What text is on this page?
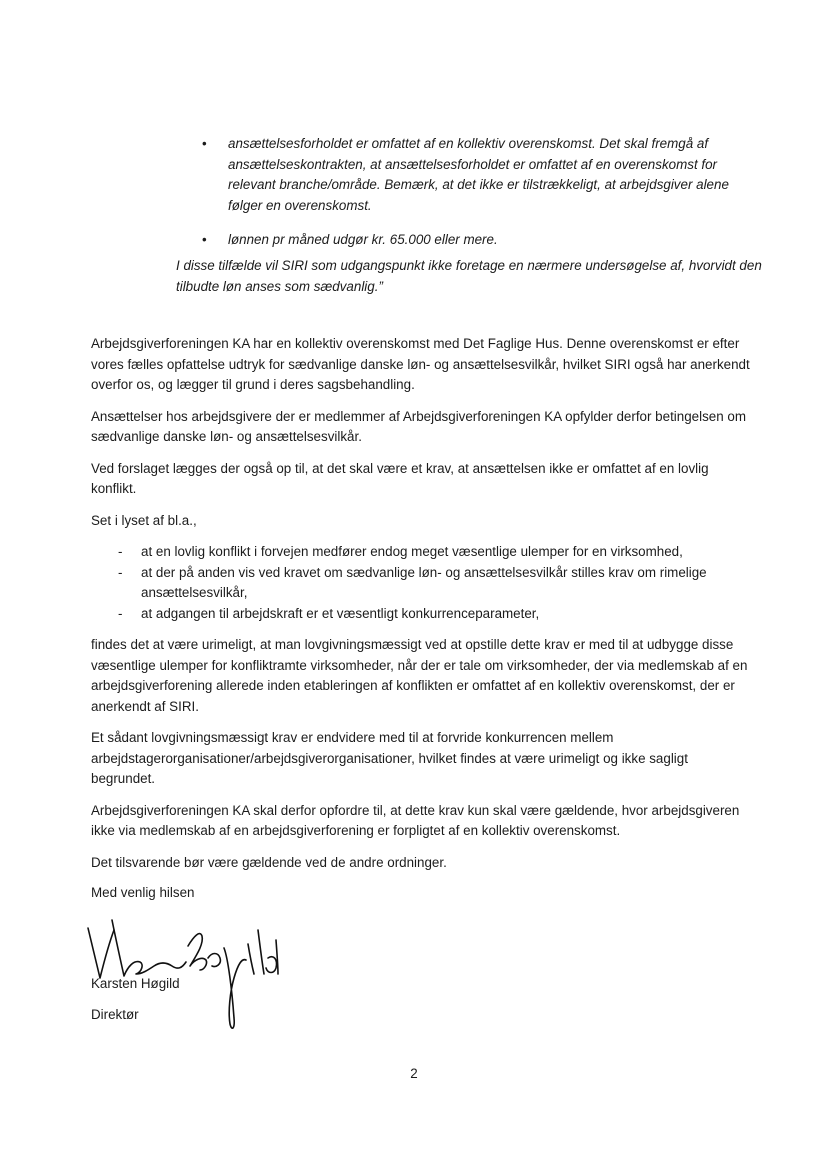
• ansættelsesforholdet er omfattet af en kollektiv overenskomst. Det skal fremgå af ansættelseskontrakten, at ansættelsesforholdet er omfattet af en overenskomst for relevant branche/område. Bemærk, at det ikke er tilstrækkeligt, at arbejdsgiver alene følger en overenskomst.
• lønnen pr måned udgør kr. 65.000 eller mere.

I disse tilfælde vil SIRI som udgangspunkt ikke foretage en nærmere undersøgelse af, hvorvidt den tilbudte løn anses som sædvanlig.”

Arbejdsgiverforeningen KA har en kollektiv overenskomst med Det Faglige Hus. Denne overenskomst er efter vores fælles opfattelse udtryk for sædvanlige danske løn- og ansættelsesvilkår, hvilket SIRI også har anerkendt overfor os, og lægger til grund i deres sagsbehandling.

Ansættelser hos arbejdsgivere der er medlemmer af Arbejdsgiverforeningen KA opfylder derfor betingelsen om sædvanlige danske løn- og ansættelsesvilkår.

Ved forslaget lægges der også op til, at det skal være et krav, at ansættelsen ikke er omfattet af en lovlig konflikt.

Set i lyset af bl.a.,

- at en lovlig konflikt i forvejen medfører endog meget væsentlige ulemper for en virksomhed,
- at der på anden vis ved kravet om sædvanlige løn- og ansættelsesvilkår stilles krav om rimelige ansættelsesvilkår,
- at adgangen til arbejdskraft er et væsentligt konkurrenceparameter,

findes det at være urimeligt, at man lovgivningsmæssigt ved at opstille dette krav er med til at udbygge disse væsentlige ulemper for konfliktramte virksomheder, når der er tale om virksomheder, der via medlemskab af en arbejdsgiverforening allerede inden etableringen af konflikten er omfattet af en kollektiv overenskomst, der er anerkendt af SIRI.

Et sådant lovgivningsmæssigt krav er endvidere med til at forvride konkurrencen mellem arbejdstagerorganisationer/arbejdsgiverorganisationer, hvilket findes at være urimeligt og ikke sagligt begrundet.

Arbejdsgiverforeningen KA skal derfor opfordre til, at dette krav kun skal være gældende, hvor arbejdsgiveren ikke via medlemskab af en arbejdsgiverforening er forpligtet af en kollektiv overenskomst.

Det tilsvarende bør være gældende ved de andre ordninger.

Med venlig hilsen
Karsten Høgild
Direktør
2
